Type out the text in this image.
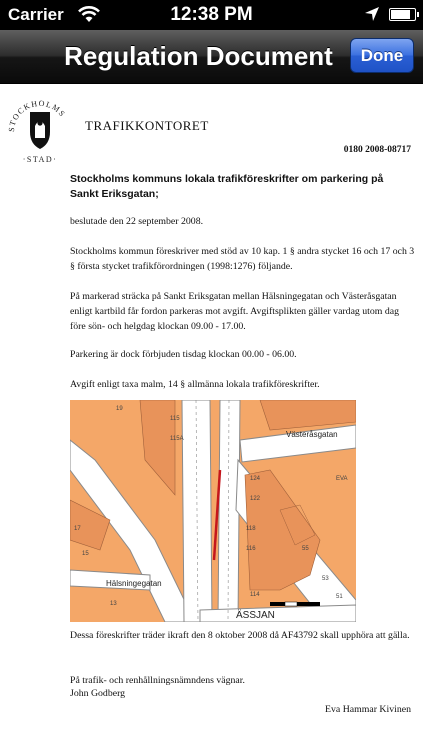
Carrier	12:38 PM
Regulation Document	Done
STOCKHOLMS
·STAD·
TRAFIKKONTORET
0180 2008-08717
Stockholms kommuns lokala trafikföreskrifter om parkering på Sankt Eriksgatan;
beslutade den 22 september 2008.
Stockholms kommun föreskriver med stöd av 10 kap. 1 § andra stycket 16 och 17 och 3 § första stycket trafikförordningen (1998:1276) följande.
På markerad sträcka på Sankt Eriksgatan mellan Hälsningegatan och Västeråsgatan enligt kartbild får fordon parkeras mot avgift. Avgiftsplikten gäller vardag utom dag före sön- och helgdag klockan 09.00 - 17.00.
Parkering är dock förbjuden tisdag klockan 00.00 - 06.00.
Avgift enligt taxa malm, 14 § allmänna lokala trafikföreskrifter.
Västeråsgatan
Hälsningegatan
ÄSSJAN
19
115
115A
124
122
118
116
114
17
15
13
55
53
51
EVA
Dessa föreskrifter träder ikraft den 8 oktober 2008 då AF43792 skall upphöra att gälla.
På trafik- och renhållningsnämndens vägnar.
John Godberg
Eva Hammar Kivinen
